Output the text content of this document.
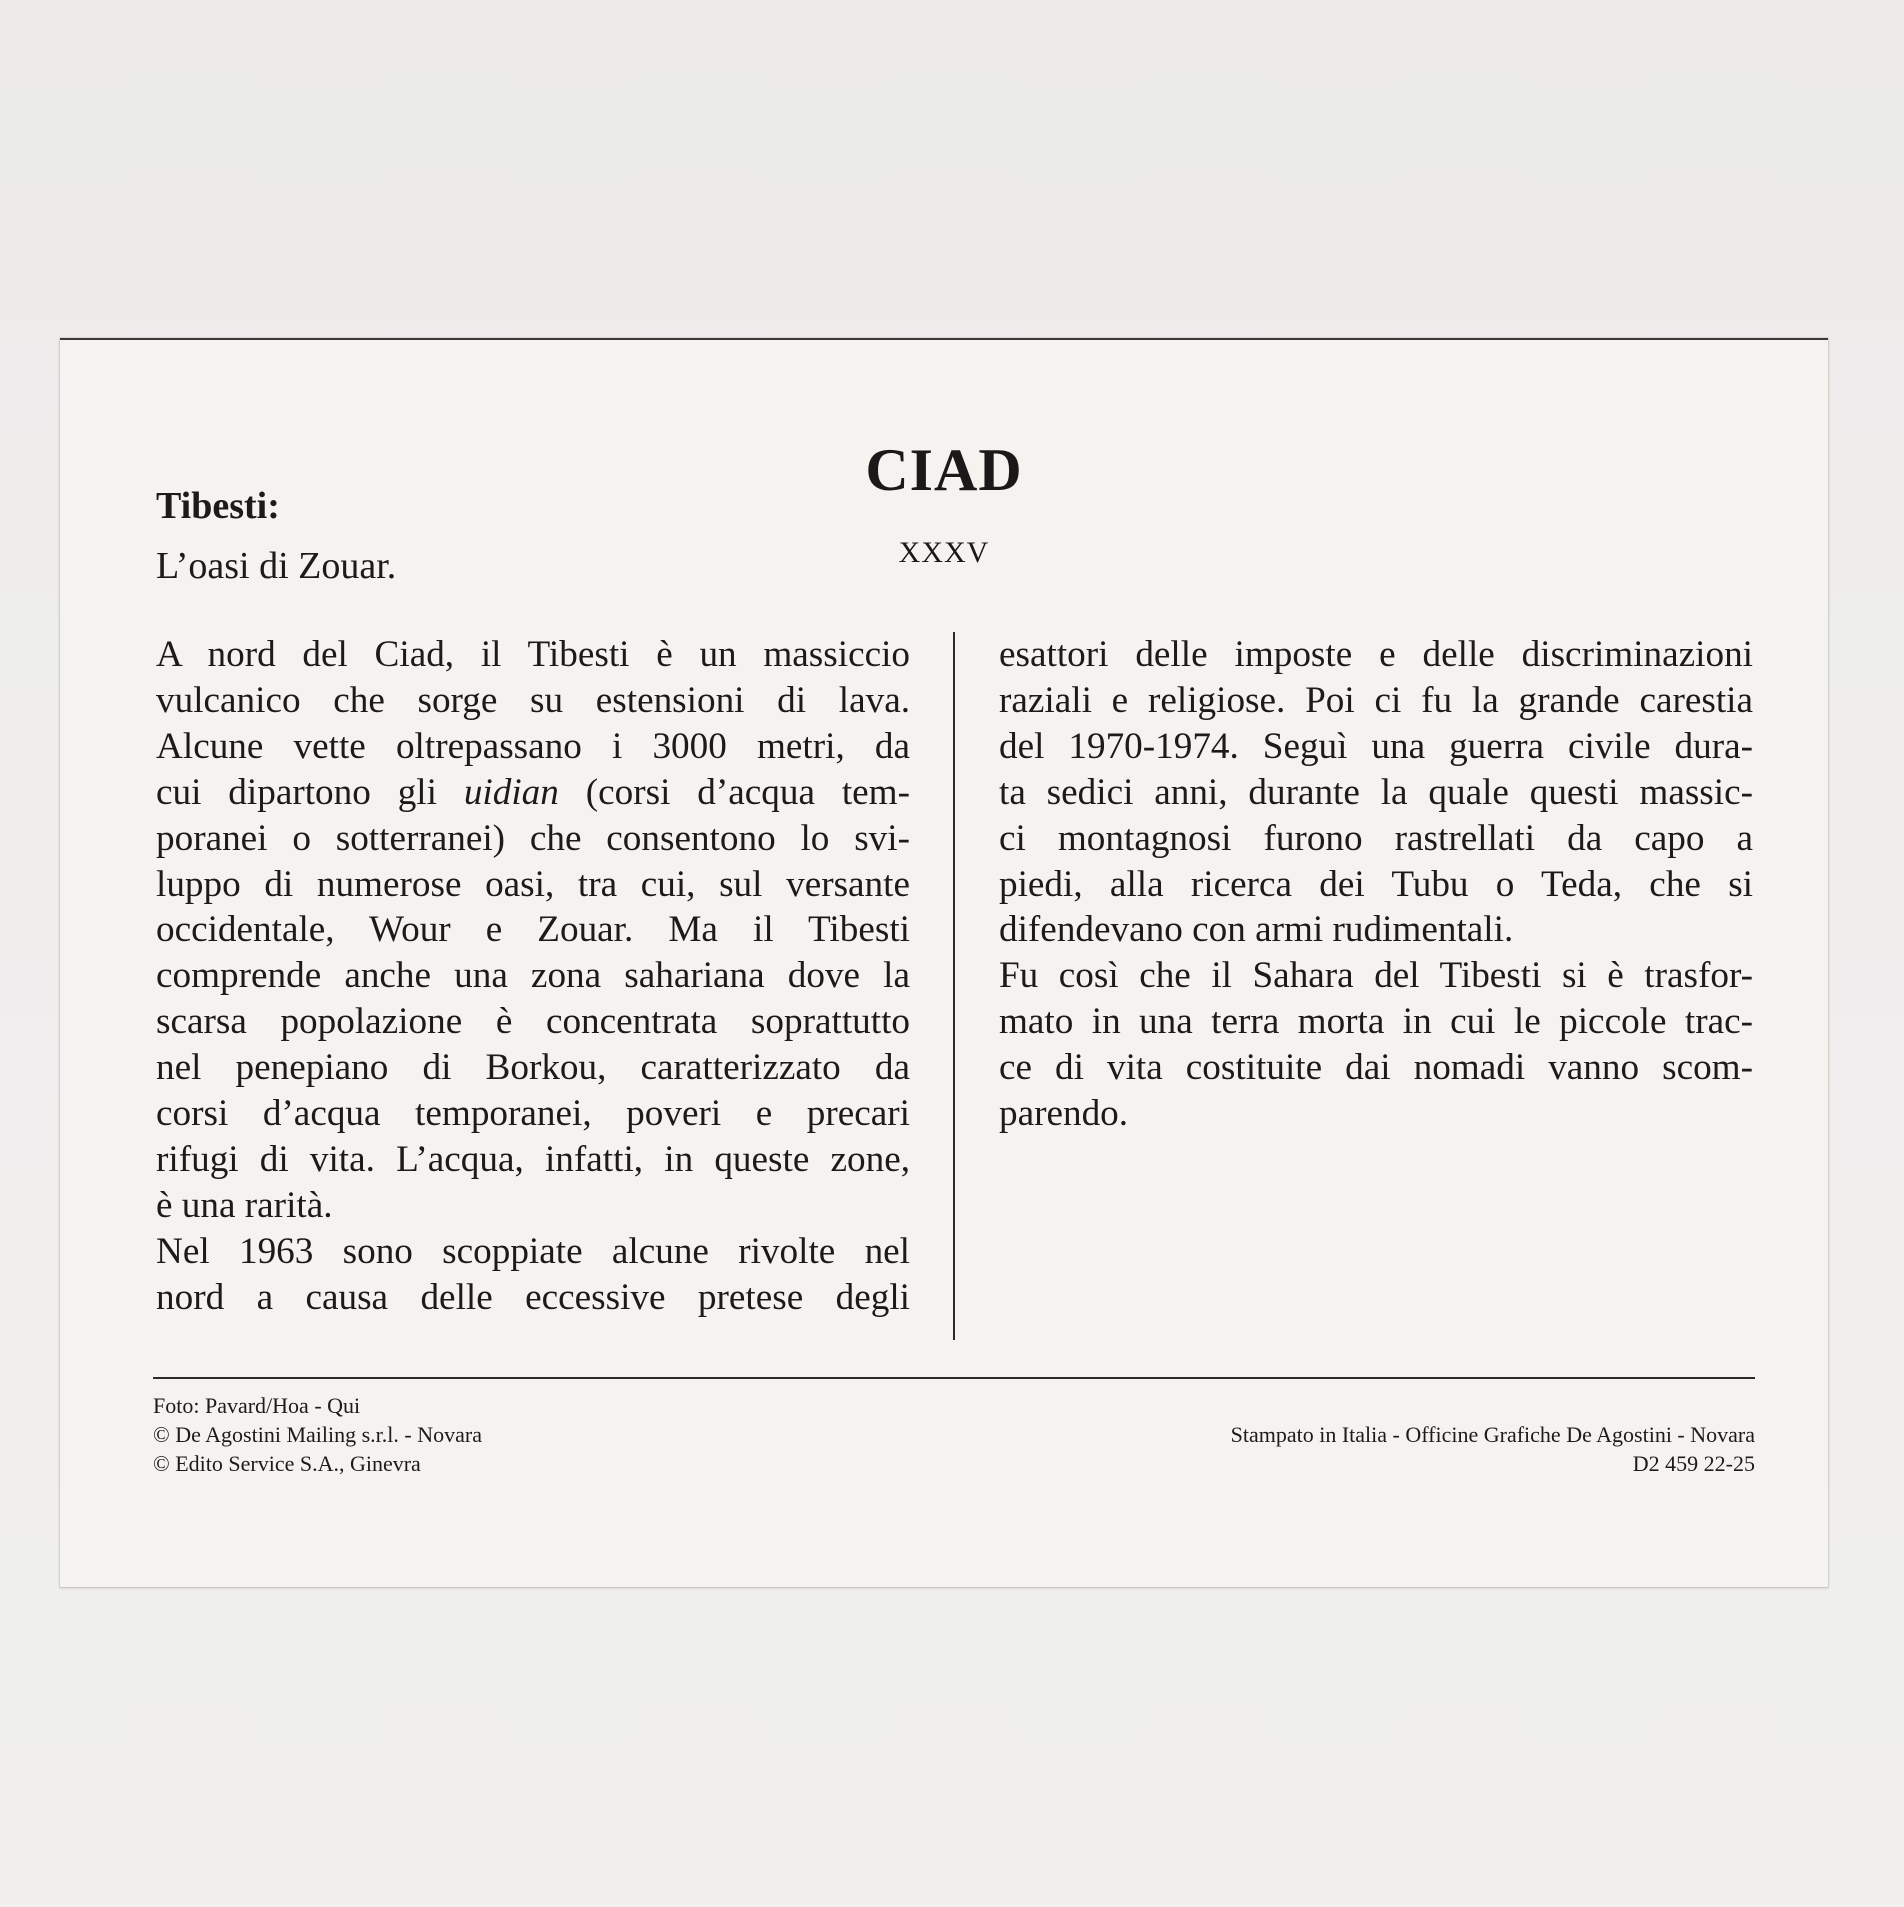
CIAD
XXXV
Tibesti:
L’oasi di Zouar.
A nord del Ciad, il Tibesti è un massiccio
vulcanico che sorge su estensioni di lava.
Alcune vette oltrepassano i 3000 metri, da
cui dipartono gli uidian (corsi d’acqua tem-
poranei o sotterranei) che consentono lo svi-
luppo di numerose oasi, tra cui, sul versante
occidentale, Wour e Zouar. Ma il Tibesti
comprende anche una zona sahariana dove la
scarsa popolazione è concentrata soprattutto
nel penepiano di Borkou, caratterizzato da
corsi d’acqua temporanei, poveri e precari
rifugi di vita. L’acqua, infatti, in queste zone,
è una rarità.
Nel 1963 sono scoppiate alcune rivolte nel
nord a causa delle eccessive pretese degli
esattori delle imposte e delle discriminazioni
raziali e religiose. Poi ci fu la grande carestia
del 1970-1974. Seguì una guerra civile dura-
ta sedici anni, durante la quale questi massic-
ci montagnosi furono rastrellati da capo a
piedi, alla ricerca dei Tubu o Teda, che si
difendevano con armi rudimentali.
Fu così che il Sahara del Tibesti si è trasfor-
mato in una terra morta in cui le piccole trac-
ce di vita costituite dai nomadi vanno scom-
parendo.
Foto: Pavard/Hoa - Qui
© De Agostini Mailing s.r.l. - Novara
© Edito Service S.A., Ginevra
Stampato in Italia - Officine Grafiche De Agostini - Novara
D2 459 22-25
